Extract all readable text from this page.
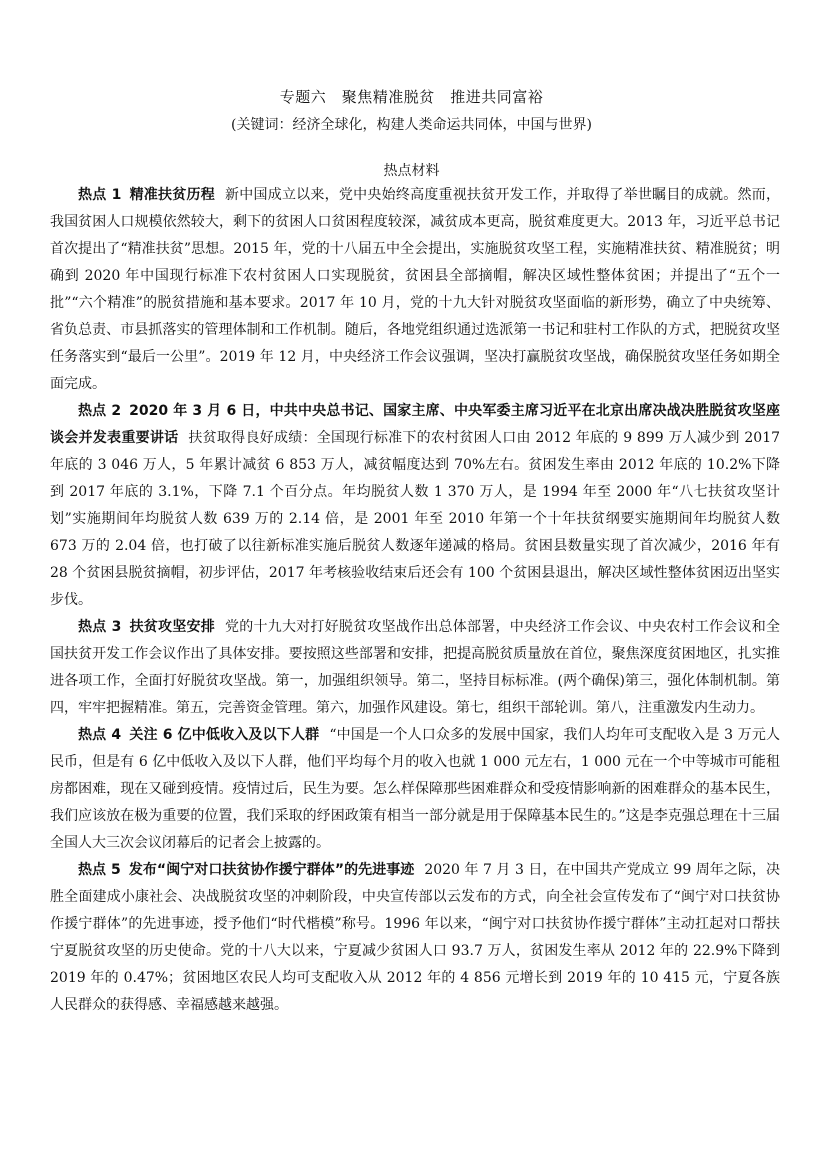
专题六　聚焦精准脱贫　推进共同富裕
(关键词：经济全球化，构建人类命运共同体，中国与世界)
热点材料

热点 1 精准扶贫历程 新中国成立以来，党中央始终高度重视扶贫开发工作，并取得了举世瞩目的成就。然而，我国贫困人口规模依然较大，剩下的贫困人口贫困程度较深，减贫成本更高，脱贫难度更大。2013 年，习近平总书记首次提出了“精准扶贫”思想。2015 年，党的十八届五中全会提出，实施脱贫攻坚工程，实施精准扶贫、精准脱贫；明确到 2020 年中国现行标准下农村贫困人口实现脱贫，贫困县全部摘帽，解决区域性整体贫困；并提出了“五个一批”“六个精准”的脱贫措施和基本要求。2017 年 10 月，党的十九大针对脱贫攻坚面临的新形势，确立了中央统筹、省负总责、市县抓落实的管理体制和工作机制。随后，各地党组织通过选派第一书记和驻村工作队的方式，把脱贫攻坚任务落实到“最后一公里”。2019 年 12 月，中央经济工作会议强调，坚决打赢脱贫攻坚战，确保脱贫攻坚任务如期全面完成。

热点 2 2020 年 3 月 6 日，中共中央总书记、国家主席、中央军委主席习近平在北京出席决战决胜脱贫攻坚座谈会并发表重要讲话 扶贫取得良好成绩：全国现行标准下的农村贫困人口由 2012 年底的 9 899 万人减少到 2017 年底的 3 046 万人，5 年累计减贫 6 853 万人，减贫幅度达到 70%左右。贫困发生率由 2012 年底的 10.2%下降到 2017 年底的 3.1%，下降 7.1 个百分点。年均脱贫人数 1 370 万人，是 1994 年至 2000 年“八七扶贫攻坚计划”实施期间年均脱贫人数 639 万的 2.14 倍，是 2001 年至 2010 年第一个十年扶贫纲要实施期间年均脱贫人数 673 万的 2.04 倍，也打破了以往新标准实施后脱贫人数逐年递减的格局。贫困县数量实现了首次减少，2016 年有 28 个贫困县脱贫摘帽，初步评估，2017 年考核验收结束后还会有 100 个贫困县退出，解决区域性整体贫困迈出坚实步伐。

热点 3 扶贫攻坚安排 党的十九大对打好脱贫攻坚战作出总体部署，中央经济工作会议、中央农村工作会议和全国扶贫开发工作会议作出了具体安排。要按照这些部署和安排，把提高脱贫质量放在首位，聚焦深度贫困地区，扎实推进各项工作，全面打好脱贫攻坚战。第一，加强组织领导。第二，坚持目标标准。(两个确保)第三，强化体制机制。第四，牢牢把握精准。第五，完善资金管理。第六，加强作风建设。第七，组织干部轮训。第八，注重激发内生动力。

热点 4 关注 6 亿中低收入及以下人群 “中国是一个人口众多的发展中国家，我们人均年可支配收入是 3 万元人民币，但是有 6 亿中低收入及以下人群，他们平均每个月的收入也就 1 000 元左右，1 000 元在一个中等城市可能租房都困难，现在又碰到疫情。疫情过后，民生为要。怎么样保障那些困难群众和受疫情影响新的困难群众的基本民生，我们应该放在极为重要的位置，我们采取的纾困政策有相当一部分就是用于保障基本民生的。”这是李克强总理在十三届全国人大三次会议闭幕后的记者会上披露的。

热点 5 发布“闽宁对口扶贫协作援宁群体”的先进事迹 2020 年 7 月 3 日，在中国共产党成立 99 周年之际，决胜全面建成小康社会、决战脱贫攻坚的冲刺阶段，中央宣传部以云发布的方式，向全社会宣传发布了“闽宁对口扶贫协作援宁群体”的先进事迹，授予他们“时代楷模”称号。1996 年以来，“闽宁对口扶贫协作援宁群体”主动扛起对口帮扶宁夏脱贫攻坚的历史使命。党的十八大以来，宁夏减少贫困人口 93.7 万人，贫困发生率从 2012 年的 22.9%下降到 2019 年的 0.47%；贫困地区农民人均可支配收入从 2012 年的 4 856 元增长到 2019 年的 10 415 元，宁夏各族人民群众的获得感、幸福感越来越强。
